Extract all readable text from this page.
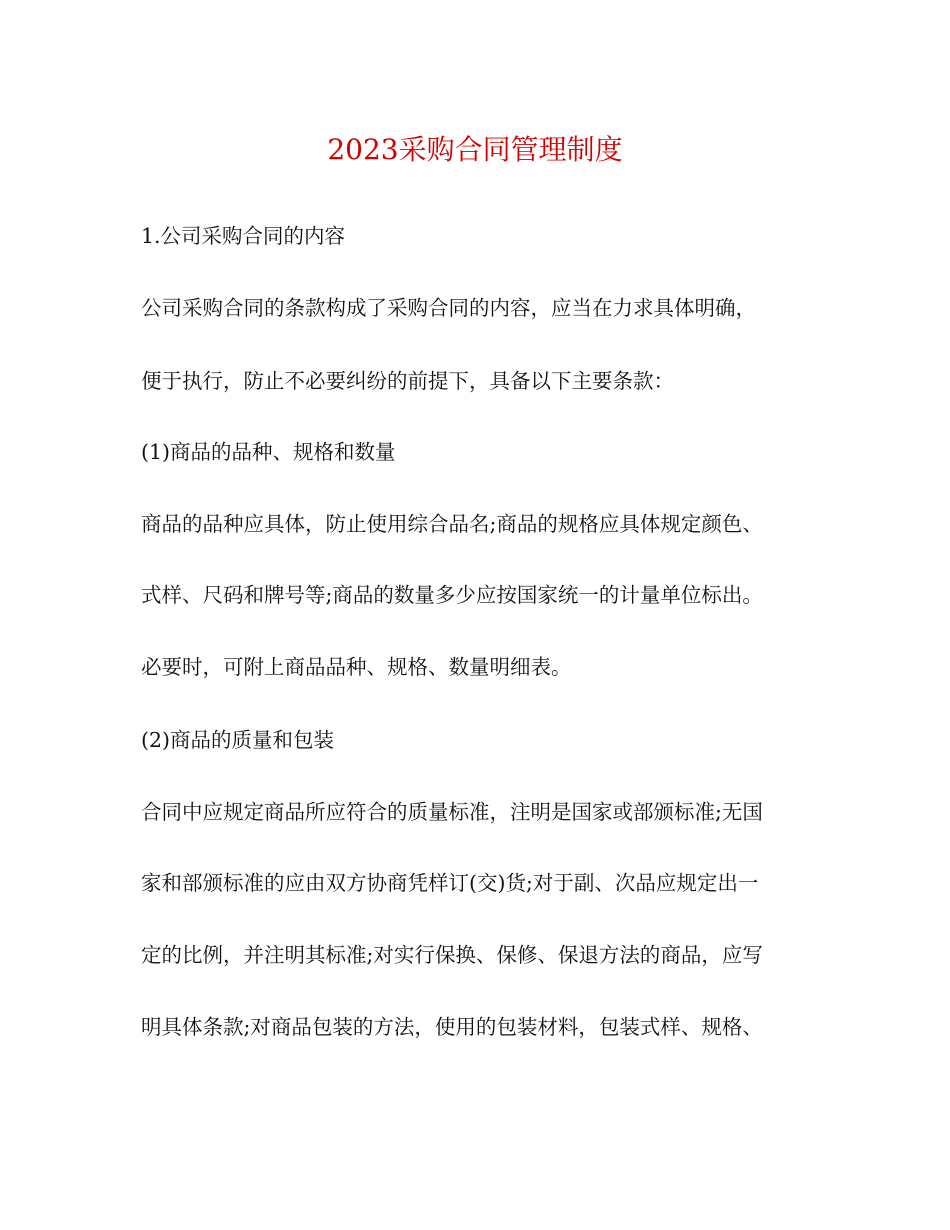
2023采购合同管理制度
1.公司采购合同的内容
公司采购合同的条款构成了采购合同的内容，应当在力求具体明确，
便于执行，防止不必要纠纷的前提下，具备以下主要条款：
(1)商品的品种、规格和数量
商品的品种应具体，防止使用综合品名;商品的规格应具体规定颜色、
式样、尺码和牌号等;商品的数量多少应按国家统一的计量单位标出。
必要时，可附上商品品种、规格、数量明细表。
(2)商品的质量和包装
合同中应规定商品所应符合的质量标准，注明是国家或部颁标准;无国
家和部颁标准的应由双方协商凭样订(交)货;对于副、次品应规定出一
定的比例，并注明其标准;对实行保换、保修、保退方法的商品，应写
明具体条款;对商品包装的方法，使用的包装材料，包装式样、规格、
